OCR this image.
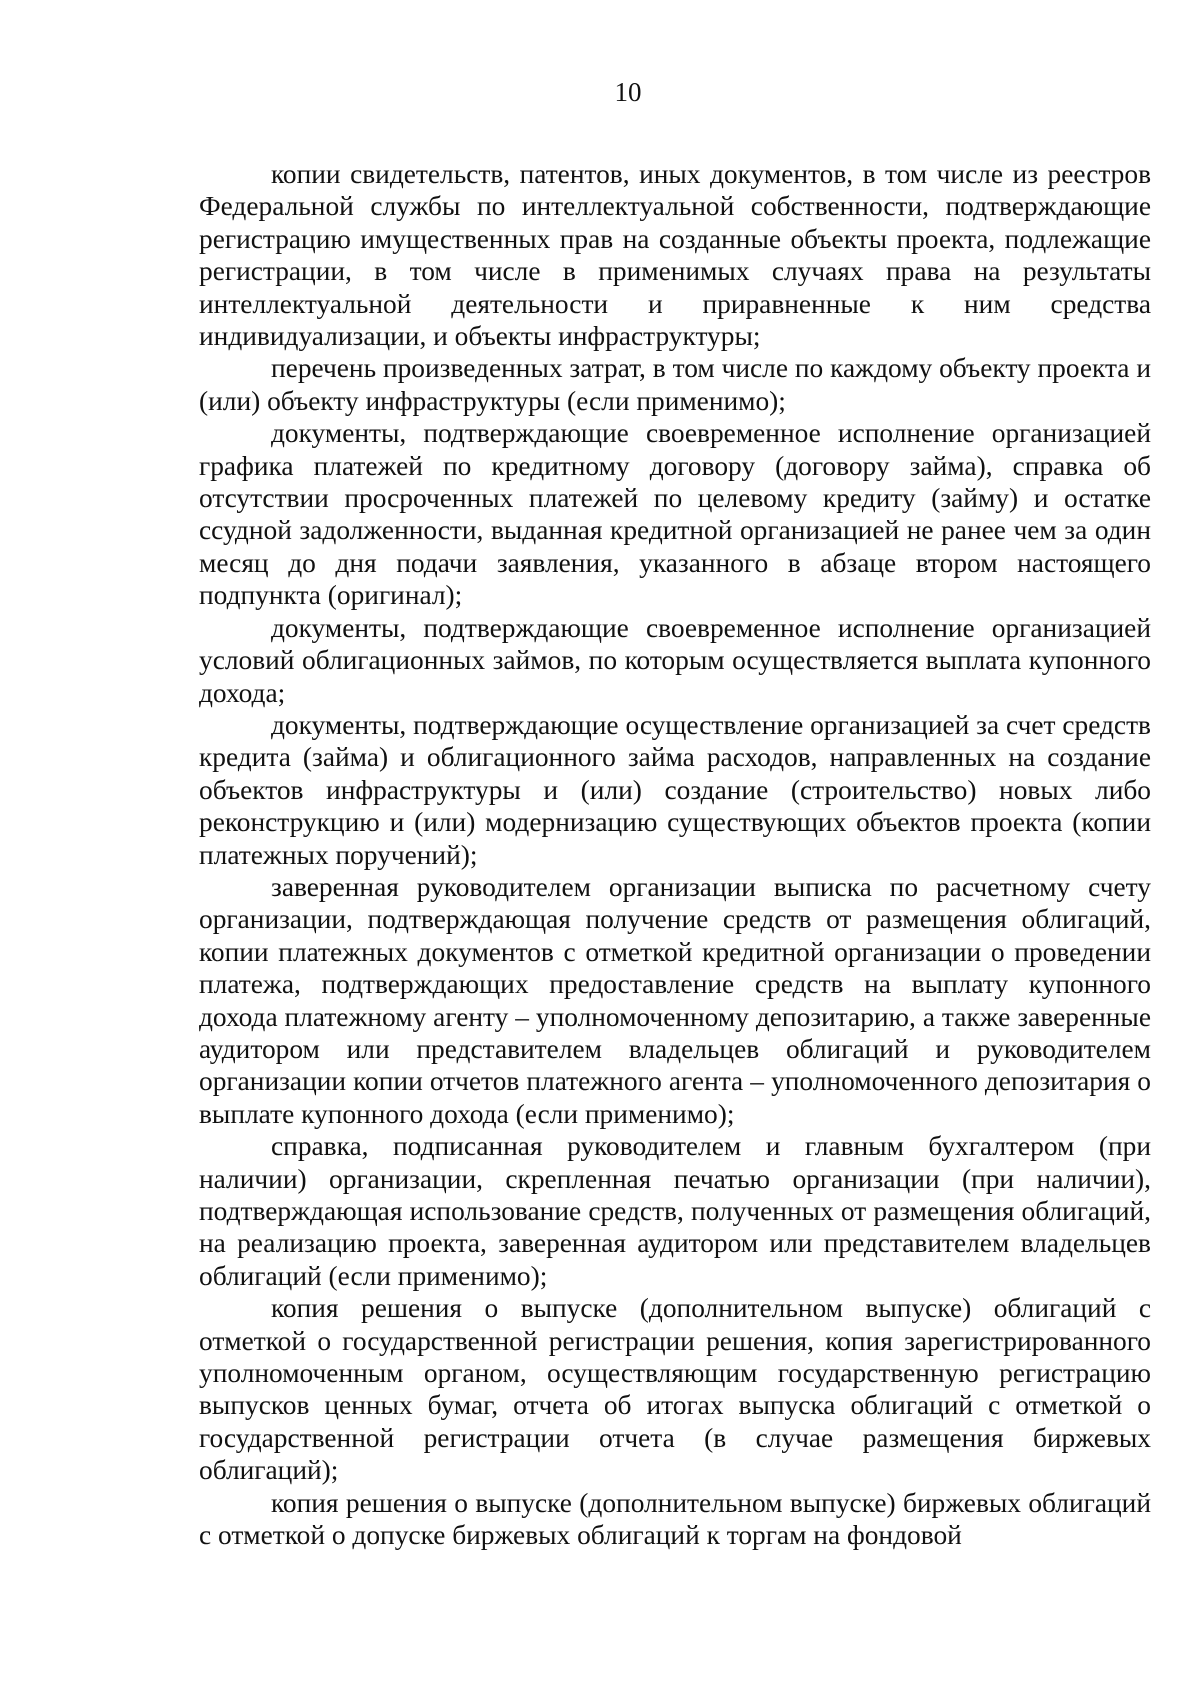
10

копии свидетельств, патентов, иных документов, в том числе из реестров Федеральной службы по интеллектуальной собственности, подтверждающие регистрацию имущественных прав на созданные объекты проекта, подлежащие регистрации, в том числе в применимых случаях права на результаты интеллектуальной деятельности и приравненные к ним средства индивидуализации, и объекты инфраструктуры;

перечень произведенных затрат, в том числе по каждому объекту проекта и (или) объекту инфраструктуры (если применимо);

документы, подтверждающие своевременное исполнение организацией графика платежей по кредитному договору (договору займа), справка об отсутствии просроченных платежей по целевому кредиту (займу) и остатке ссудной задолженности, выданная кредитной организацией не ранее чем за один месяц до дня подачи заявления, указанного в абзаце втором настоящего подпункта (оригинал);

документы, подтверждающие своевременное исполнение организацией условий облигационных займов, по которым осуществляется выплата купонного дохода;

документы, подтверждающие осуществление организацией за счет средств кредита (займа) и облигационного займа расходов, направленных на создание объектов инфраструктуры и (или) создание (строительство) новых либо реконструкцию и (или) модернизацию существующих объектов проекта (копии платежных поручений);

заверенная руководителем организации выписка по расчетному счету организации, подтверждающая получение средств от размещения облигаций, копии платежных документов с отметкой кредитной организации о проведении платежа, подтверждающих предоставление средств на выплату купонного дохода платежному агенту – уполномоченному депозитарию, а также заверенные аудитором или представителем владельцев облигаций и руководителем организации копии отчетов платежного агента – уполномоченного депозитария о выплате купонного дохода (если применимо);

справка, подписанная руководителем и главным бухгалтером (при наличии) организации, скрепленная печатью организации (при наличии), подтверждающая использование средств, полученных от размещения облигаций, на реализацию проекта, заверенная аудитором или представителем владельцев облигаций (если применимо);

копия решения о выпуске (дополнительном выпуске) облигаций с отметкой о государственной регистрации решения, копия зарегистрированного уполномоченным органом, осуществляющим государственную регистрацию выпусков ценных бумаг, отчета об итогах выпуска облигаций с отметкой о государственной регистрации отчета (в случае размещения биржевых облигаций);

копия решения о выпуске (дополнительном выпуске) биржевых облигаций с отметкой о допуске биржевых облигаций к торгам на фондовой
